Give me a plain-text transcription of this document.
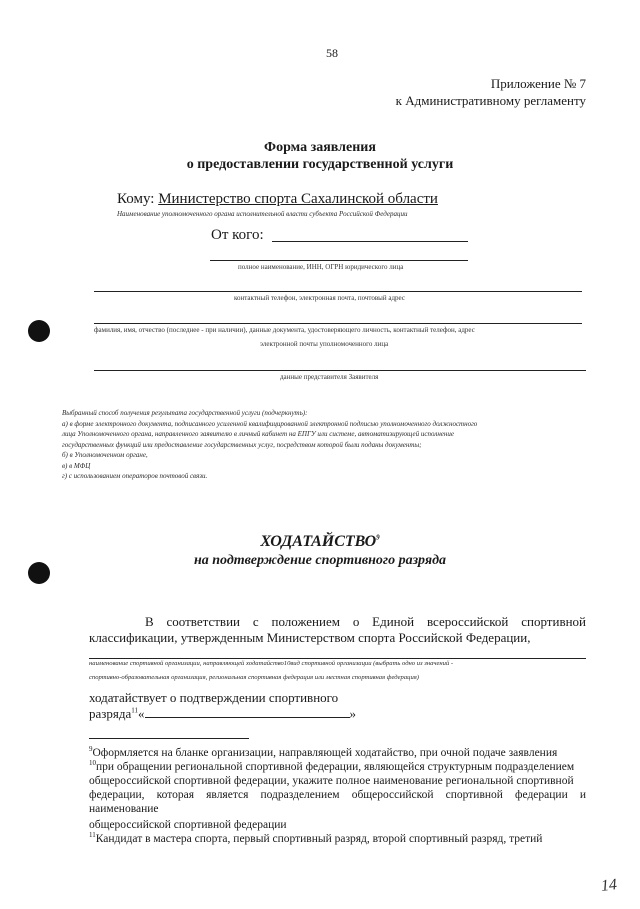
58
Приложение № 7
к Административному регламенту
Форма заявления
о предоставлении государственной услуги
Кому: Министерство спорта Сахалинской области
Наименование уполномоченного органа исполнительной власти субъекта Российской Федерации
От кого:
полное наименование, ИНН, ОГРН юридического лица
контактный телефон, электронная почта, почтовый адрес
фамилия, имя, отчество (последнее - при наличии), данные документа, удостоверяющего личность, контактный телефон, адрес
электронной почты уполномоченного лица
данные представителя Заявителя
Выбранный способ получения результата государственной услуги (подчеркнуть):
а) в форме электронного документа, подписанного усиленной квалифицированной электронной подписью уполномоченного должностного
лица Уполномоченного органа, направленного заявителю в личный кабинет на ЕПГУ или системе, автоматизирующей исполнение
государственных функций или предоставление государственных услуг, посредством которой были поданы документы;
б) в Уполномоченном органе,
в) в МФЦ
г) с использованием операторов почтовой связи.
ХОДАТАЙСТВО$^9$
на подтверждение спортивного разряда
В соответствии с положением о Единой всероссийской спортивной
классификации, утвержденным Министерством спорта Российской Федерации,
наименование спортивной организации, направляющей ходатайство10вид спортивной организации (выбрать одно из значений -
спортивно-образовательная организация, региональная спортивная федерация или местная спортивная федерация)
ходатайствует о подтверждении спортивного
разряда$^{11}$«	»
$^9$Оформляется на бланке организации, направляющей ходатайство, при очной подаче заявления
$^{10}$при обращении региональной спортивной федерации, являющейся структурным подразделением
общероссийской спортивной федерации, укажите полное наименование региональной спортивной
федерации, которая является подразделением общероссийской спортивной федерации и
наименование
общероссийской спортивной федерации
$^{11}$Кандидат в мастера спорта, первый спортивный разряд, второй спортивный разряд, третий
14
